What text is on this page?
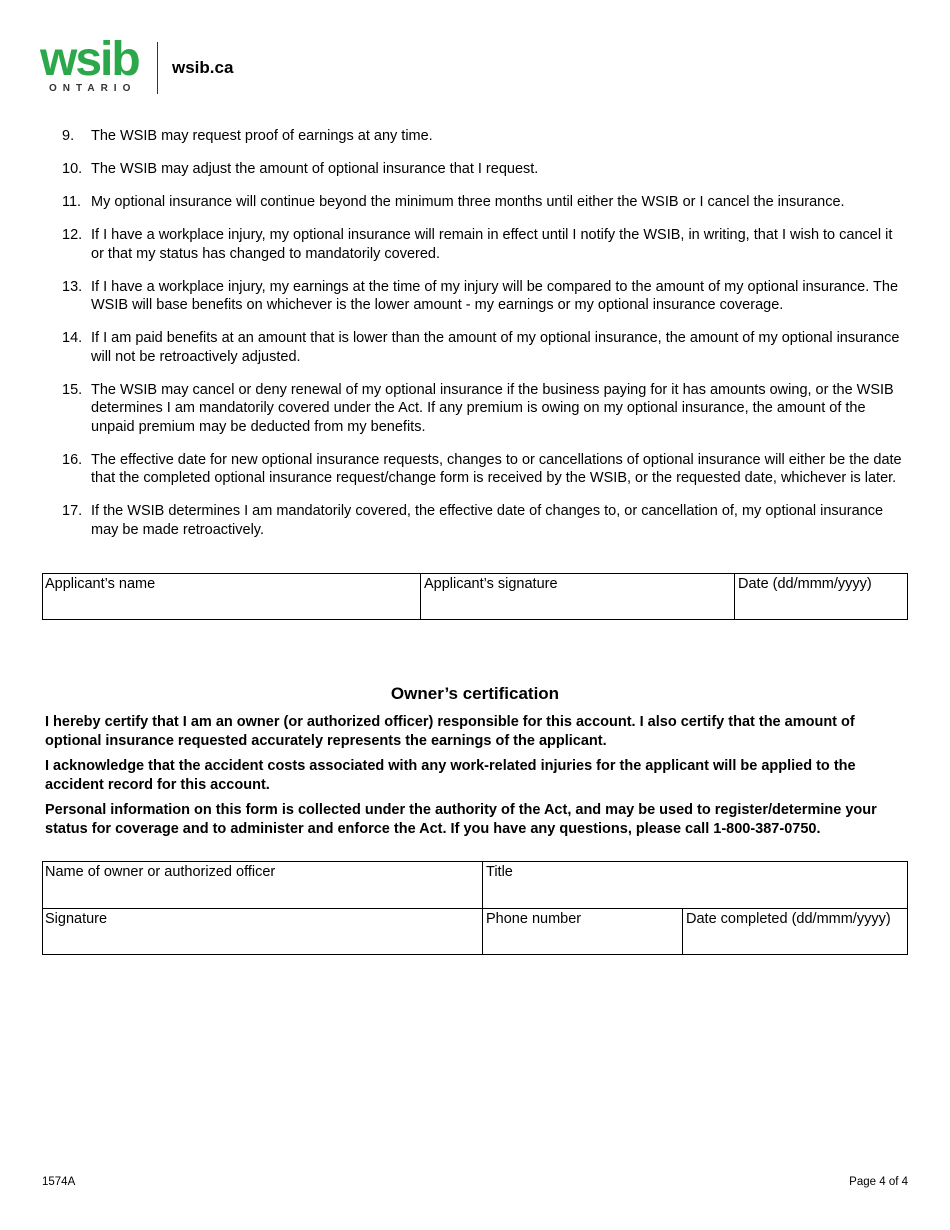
wsib
ONTARIO
wsib.ca
9. The WSIB may request proof of earnings at any time.
10. The WSIB may adjust the amount of optional insurance that I request.
11. My optional insurance will continue beyond the minimum three months until either the WSIB or I cancel the insurance.
12. If I have a workplace injury, my optional insurance will remain in effect until I notify the WSIB, in writing, that I wish to cancel it or that my status has changed to mandatorily covered.
13. If I have a workplace injury, my earnings at the time of my injury will be compared to the amount of my optional insurance. The WSIB will base benefits on whichever is the lower amount - my earnings or my optional insurance coverage.
14. If I am paid benefits at an amount that is lower than the amount of my optional insurance, the amount of my optional insurance will not be retroactively adjusted.
15. The WSIB may cancel or deny renewal of my optional insurance if the business paying for it has amounts owing, or the WSIB determines I am mandatorily covered under the Act. If any premium is owing on my optional insurance, the amount of the unpaid premium may be deducted from my benefits.
16. The effective date for new optional insurance requests, changes to or cancellations of optional insurance will either be the date that the completed optional insurance request/change form is received by the WSIB, or the requested date, whichever is later.
17. If the WSIB determines I am mandatorily covered, the effective date of changes to, or cancellation of, my optional insurance may be made retroactively.
Applicant’s name	Applicant’s signature	Date (dd/mmm/yyyy)
Owner’s certification
I hereby certify that I am an owner (or authorized officer) responsible for this account. I also certify that the amount of optional insurance requested accurately represents the earnings of the applicant.
I acknowledge that the accident costs associated with any work-related injuries for the applicant will be applied to the accident record for this account.
Personal information on this form is collected under the authority of the Act, and may be used to register/determine your status for coverage and to administer and enforce the Act. If you have any questions, please call 1-800-387-0750.
Name of owner or authorized officer	Title
Signature	Phone number	Date completed (dd/mmm/yyyy)
1574A	Page 4 of 4
